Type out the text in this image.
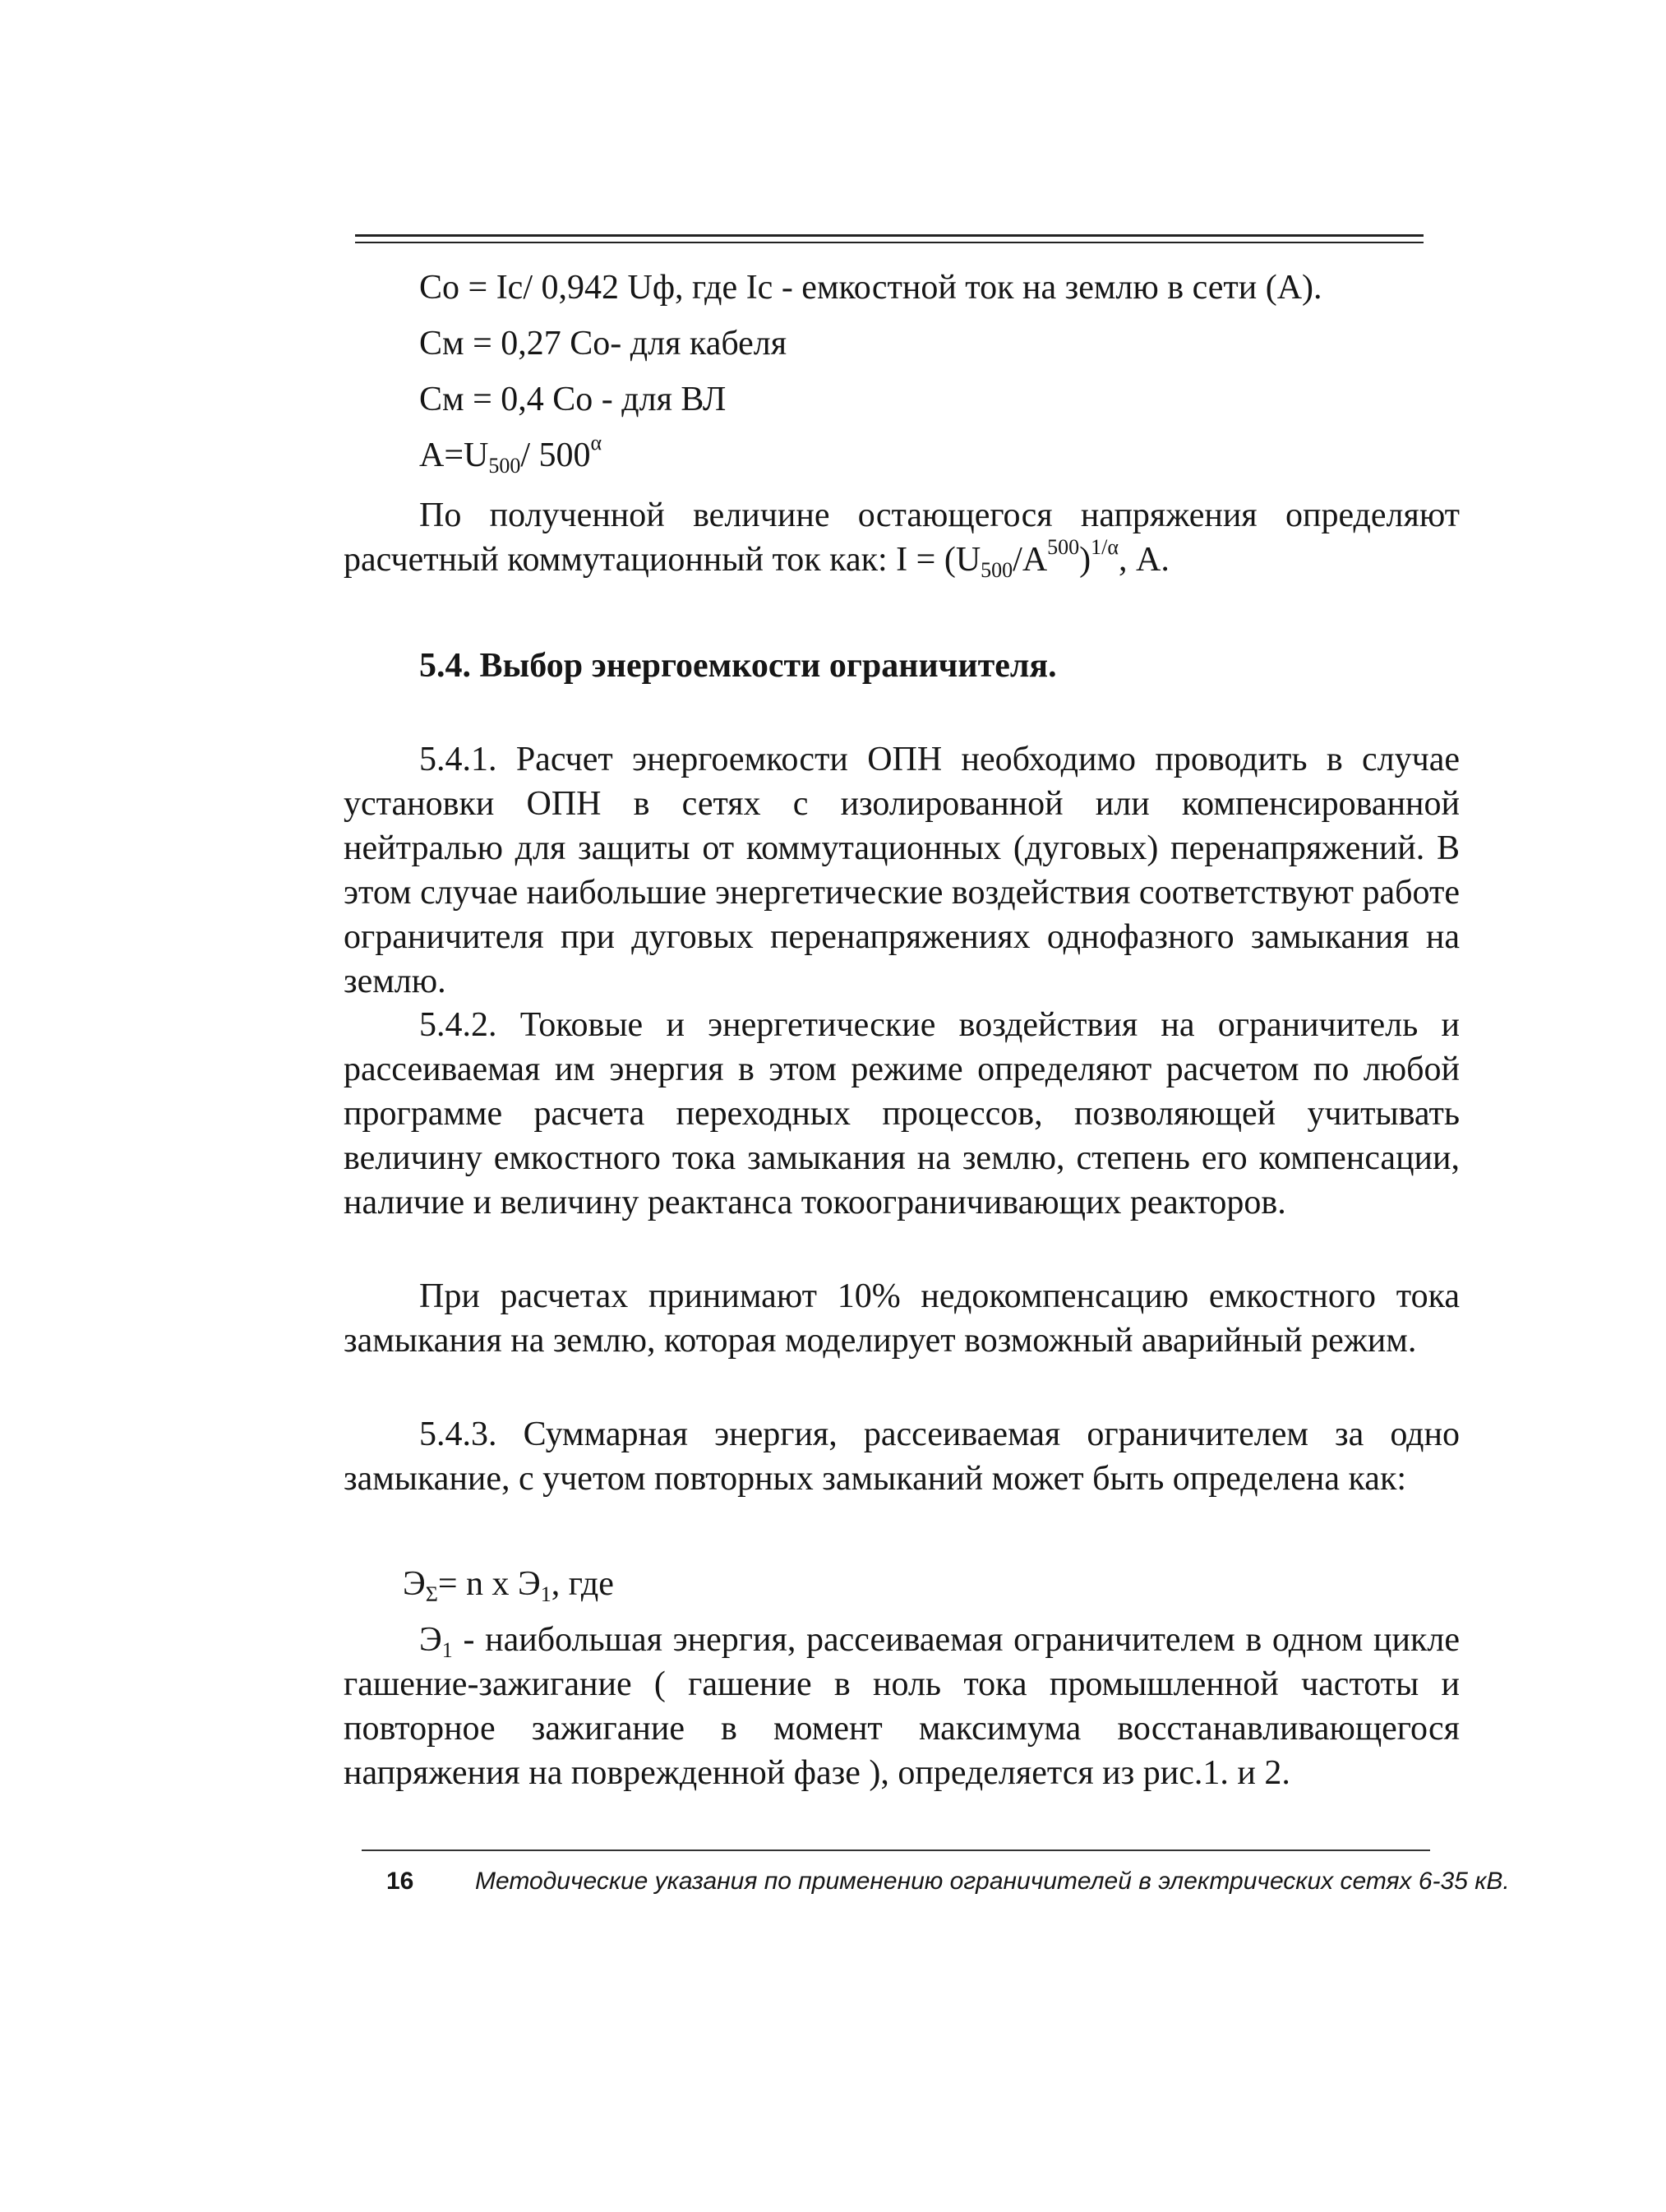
Co = Ic/ 0,942 Uф, где Ic - емкостной ток на землю в сети (А).
См = 0,27 Со- для кабеля
См = 0,4 Со - для ВЛ
$А=U_{500}/$ $500^\alpha$
По полученной величине остающегося напряжения определяют расчетный коммутационный ток как: $I = (U_{500}/A^{500})^{1/\alpha}$, А.
5.4. Выбор энергоемкости ограничителя.
5.4.1. Расчет энергоемкости ОПН необходимо проводить в случае установки ОПН в сетях с изолированной или компенсированной нейтралью для защиты от коммутационных (дуговых) перенапряжений. В этом случае наибольшие энергетические воздействия соответствуют работе ограничителя при дуговых перенапряжениях однофазного замыкания на землю.
5.4.2. Токовые и энергетические воздействия на ограничитель и рассеиваемая им энергия в этом режиме определяют расчетом по любой программе расчета переходных процессов, позволяющей учитывать величину емкостного тока замыкания на землю, степень его компенсации, наличие и величину реактанса токоограничивающих реакторов.
При расчетах принимают 10% недокомпенсацию емкостного тока замыкания на землю, которая моделирует возможный аварийный режим.
5.4.3. Суммарная энергия, рассеиваемая ограничителем за одно замыкание, с учетом повторных замыканий может быть определена как:
$Э_\Sigma= n$ x $Э_1$, где
$Э_1$ - наибольшая энергия, рассеиваемая ограничителем в одном цикле гашение-зажигание ( гашение в ноль тока промышленной частоты и повторное зажигание в момент максимума восстанавливающегося напряжения на поврежденной фазе ), определяется из рис.1. и 2.
16 Методические указания по применению ограничителей в электрических сетях 6-35 кВ.
